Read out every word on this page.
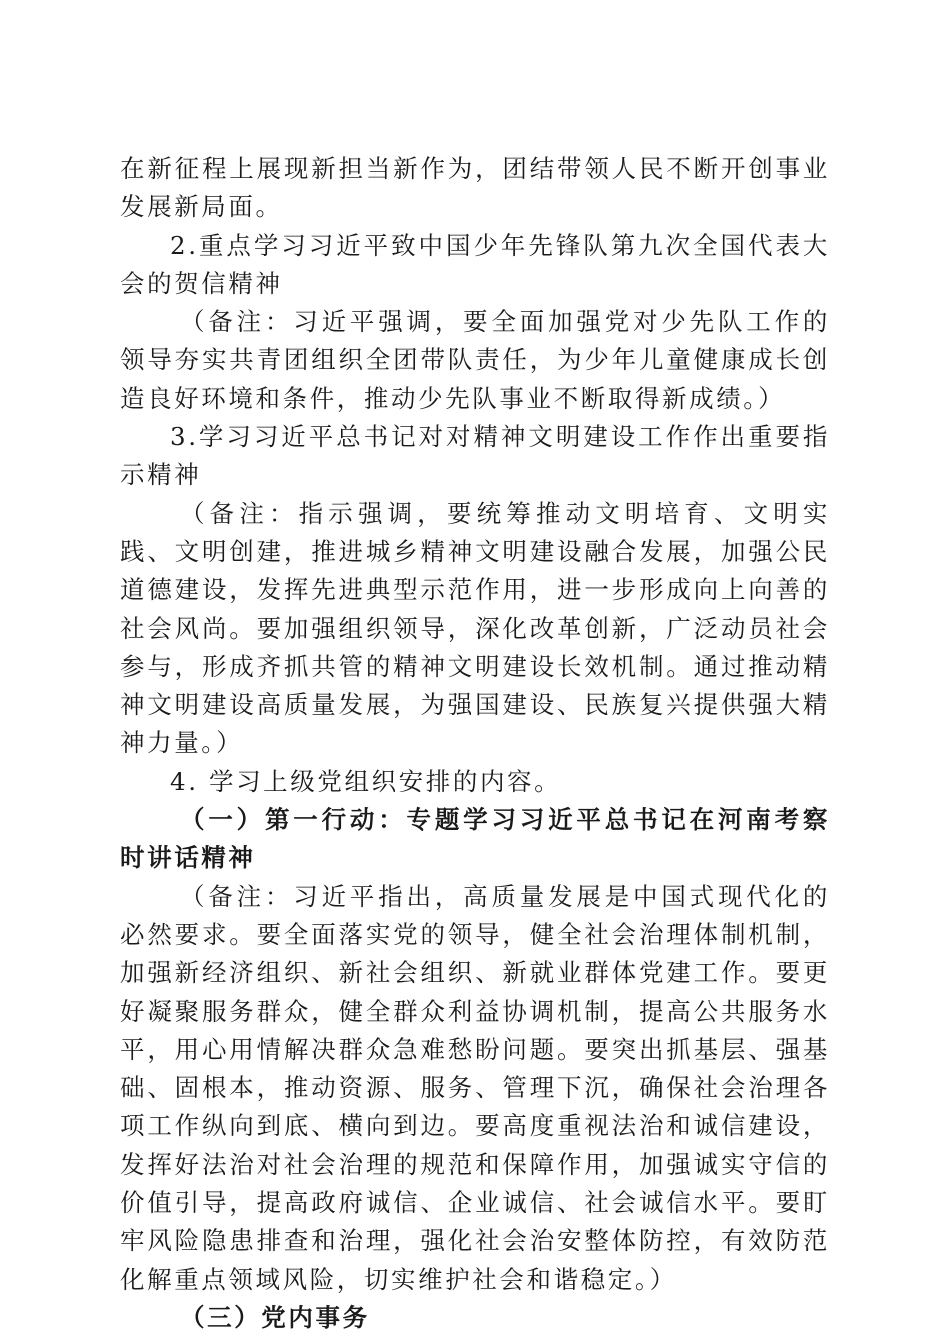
在新征程上展现新担当新作为，团结带领人民不断开创事业发展新局面。

2.重点学习习近平致中国少年先锋队第九次全国代表大会的贺信精神

（备注：习近平强调，要全面加强党对少先队工作的领导夯实共青团组织全团带队责任，为少年儿童健康成长创造良好环境和条件，推动少先队事业不断取得新成绩。）

3.学习习近平总书记对对精神文明建设工作作出重要指示精神

（备注：指示强调，要统筹推动文明培育、文明实践、文明创建，推进城乡精神文明建设融合发展，加强公民道德建设，发挥先进典型示范作用，进一步形成向上向善的社会风尚。要加强组织领导，深化改革创新，广泛动员社会参与，形成齐抓共管的精神文明建设长效机制。通过推动精神文明建设高质量发展，为强国建设、民族复兴提供强大精神力量。）

4. 学习上级党组织安排的内容。

（一）第一行动：专题学习习近平总书记在河南考察时讲话精神

（备注：习近平指出，高质量发展是中国式现代化的必然要求。要全面落实党的领导，健全社会治理体制机制，加强新经济组织、新社会组织、新就业群体党建工作。要更好凝聚服务群众，健全群众利益协调机制，提高公共服务水平，用心用情解决群众急难愁盼问题。要突出抓基层、强基础、固根本，推动资源、服务、管理下沉，确保社会治理各项工作纵向到底、横向到边。要高度重视法治和诚信建设，发挥好法治对社会治理的规范和保障作用，加强诚实守信的价值引导，提高政府诚信、企业诚信、社会诚信水平。要盯牢风险隐患排查和治理，强化社会治安整体防控，有效防范化解重点领域风险，切实维护社会和谐稳定。）

（三）党内事务
